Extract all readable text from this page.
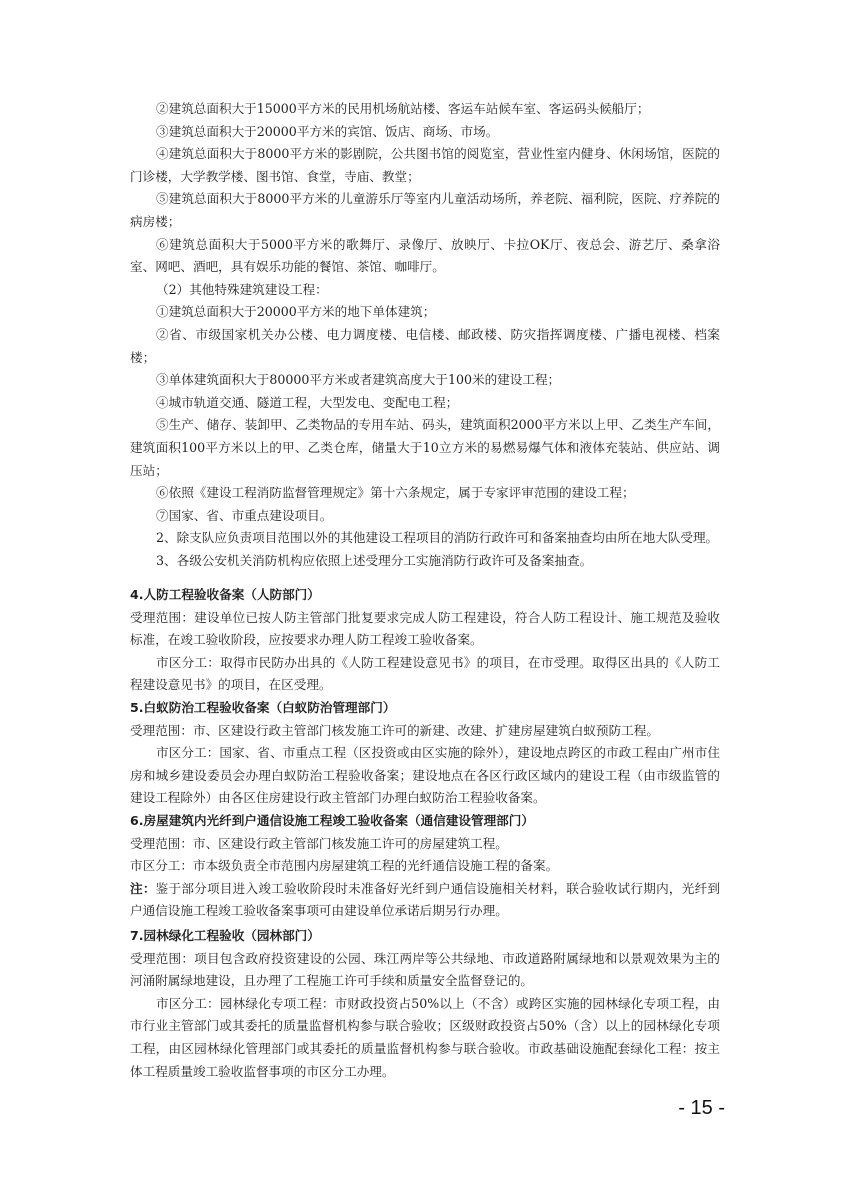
②建筑总面积大于15000平方米的民用机场航站楼、客运车站候车室、客运码头候船厅；

③建筑总面积大于20000平方米的宾馆、饭店、商场、市场。

④建筑总面积大于8000平方米的影剧院，公共图书馆的阅览室，营业性室内健身、休闲场馆，医院的门诊楼，大学教学楼、图书馆、食堂，寺庙、教堂；

⑤建筑总面积大于8000平方米的儿童游乐厅等室内儿童活动场所，养老院、福利院，医院、疗养院的病房楼；

⑥建筑总面积大于5000平方米的歌舞厅、录像厅、放映厅、卡拉OK厅、夜总会、游艺厅、桑拿浴室、网吧、酒吧，具有娱乐功能的餐馆、茶馆、咖啡厅。

（2）其他特殊建筑建设工程：

①建筑总面积大于20000平方米的地下单体建筑；

②省、市级国家机关办公楼、电力调度楼、电信楼、邮政楼、防灾指挥调度楼、广播电视楼、档案楼；

③单体建筑面积大于80000平方米或者建筑高度大于100米的建设工程；

④城市轨道交通、隧道工程，大型发电、变配电工程；

⑤生产、储存、装卸甲、乙类物品的专用车站、码头，建筑面积2000平方米以上甲、乙类生产车间，建筑面积100平方米以上的甲、乙类仓库，储量大于10立方米的易燃易爆气体和液体充装站、供应站、调压站；

⑥依照《建设工程消防监督管理规定》第十六条规定，属于专家评审范围的建设工程；

⑦国家、省、市重点建设项目。

2、除支队应负责项目范围以外的其他建设工程项目的消防行政许可和备案抽查均由所在地大队受理。

3、各级公安机关消防机构应依照上述受理分工实施消防行政许可及备案抽查。

4.人防工程验收备案（人防部门）

受理范围：建设单位已按人防主管部门批复要求完成人防工程建设，符合人防工程设计、施工规范及验收标准，在竣工验收阶段，应按要求办理人防工程竣工验收备案。

市区分工：取得市民防办出具的《人防工程建设意见书》的项目，在市受理。取得区出具的《人防工程建设意见书》的项目，在区受理。

5.白蚁防治工程验收备案（白蚁防治管理部门）

受理范围：市、区建设行政主管部门核发施工许可的新建、改建、扩建房屋建筑白蚁预防工程。

市区分工：国家、省、市重点工程（区投资或由区实施的除外），建设地点跨区的市政工程由广州市住房和城乡建设委员会办理白蚁防治工程验收备案；建设地点在各区行政区域内的建设工程（由市级监管的建设工程除外）由各区住房建设行政主管部门办理白蚁防治工程验收备案。

6.房屋建筑内光纤到户通信设施工程竣工验收备案（通信建设管理部门）

受理范围：市、区建设行政主管部门核发施工许可的房屋建筑工程。

市区分工：市本级负责全市范围内房屋建筑工程的光纤通信设施工程的备案。

注：鉴于部分项目进入竣工验收阶段时未准备好光纤到户通信设施相关材料，联合验收试行期内，光纤到户通信设施工程竣工验收备案事项可由建设单位承诺后期另行办理。

7.园林绿化工程验收（园林部门）

受理范围：项目包含政府投资建设的公园、珠江两岸等公共绿地、市政道路附属绿地和以景观效果为主的河涌附属绿地建设，且办理了工程施工许可手续和质量安全监督登记的。

市区分工：园林绿化专项工程：市财政投资占50%以上（不含）或跨区实施的园林绿化专项工程，由市行业主管部门或其委托的质量监督机构参与联合验收；区级财政投资占50%（含）以上的园林绿化专项工程，由区园林绿化管理部门或其委托的质量监督机构参与联合验收。市政基础设施配套绿化工程：按主体工程质量竣工验收监督事项的市区分工办理。

- 15 -
